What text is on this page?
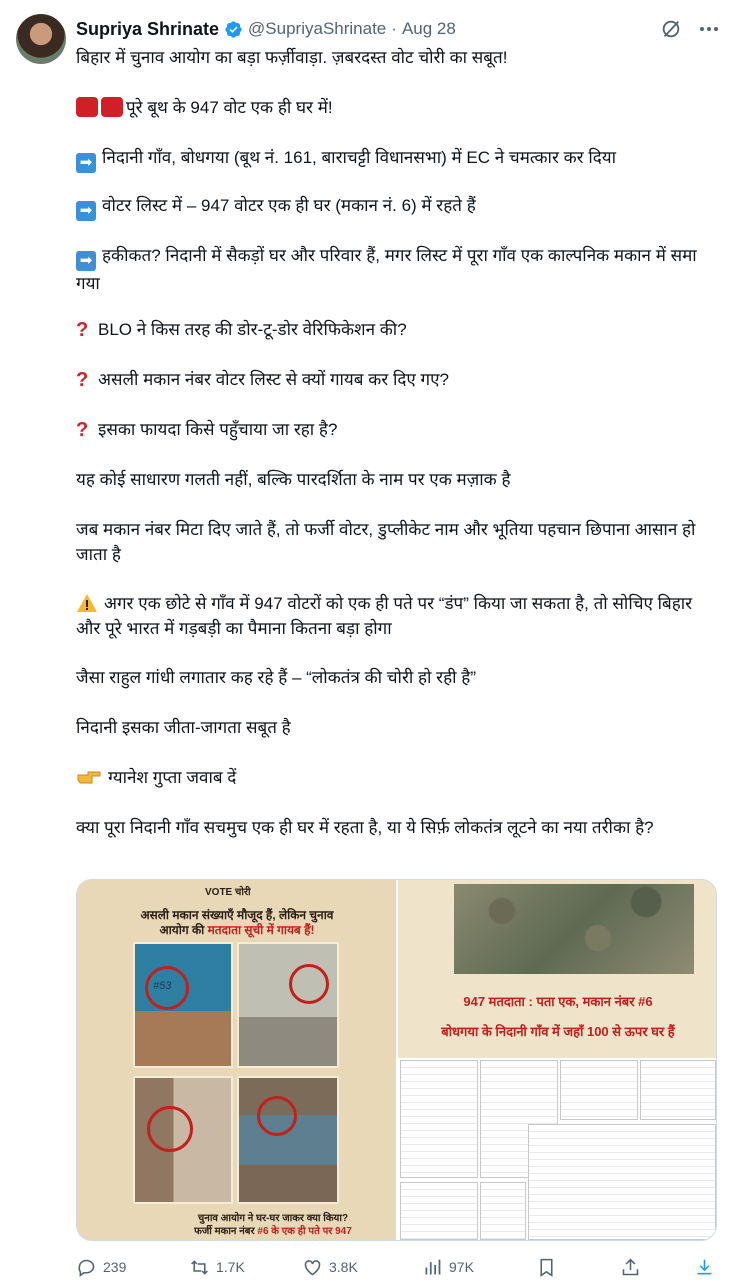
Supriya Shrinate @SupriyaShrinate · Aug 28
बिहार में चुनाव आयोग का बड़ा फर्ज़ीवाड़ा. ज़बरदस्त वोट चोरी का सबूत!
पूरे बूथ के 947 वोट एक ही घर में!
➡ निदानी गाँव, बोधगया (बूथ नं. 161, बाराचट्टी विधानसभा) में EC ने चमत्कार कर दिया
➡ वोटर लिस्ट में – 947 वोटर एक ही घर (मकान नं. 6) में रहते हैं
➡ हकीकत? निदानी में सैकड़ों घर और परिवार हैं, मगर लिस्ट में पूरा गाँव एक काल्पनिक मकान में समा गया
? BLO ने किस तरह की डोर-टू-डोर वेरिफिकेशन की?
? असली मकान नंबर वोटर लिस्ट से क्यों गायब कर दिए गए?
? इसका फायदा किसे पहुँचाया जा रहा है?
यह कोई साधारण गलती नहीं, बल्कि पारदर्शिता के नाम पर एक मज़ाक है
जब मकान नंबर मिटा दिए जाते हैं, तो फर्जी वोटर, डुप्लीकेट नाम और भूतिया पहचान छिपाना आसान हो जाता है
अगर एक छोटे से गाँव में 947 वोटरों को एक ही पते पर “डंप” किया जा सकता है, तो सोचिए बिहार और पूरे भारत में गड़बड़ी का पैमाना कितना बड़ा होगा
जैसा राहुल गांधी लगातार कह रहे हैं – “लोकतंत्र की चोरी हो रही है”
निदानी इसका जीता-जागता सबूत है
ग्यानेश गुप्ता जवाब दें
क्या पूरा निदानी गाँव सचमुच एक ही घर में रहता है, या ये सिर्फ़ लोकतंत्र लूटने का नया तरीका है?
VOTE चोरी
असली मकान संख्याएँ मौजूद हैं, लेकिन चुनाव
आयोग की मतदाता सूची में गायब हैं!
#53
चुनाव आयोग ने घर-घर जाकर क्या किया?
फर्जी मकान नंबर #6 के एक ही पते पर 947
947 मतदाता : पता एक, मकान नंबर #6
बोधगया के निदानी गाँव में जहाँ 100 से ऊपर घर हैं
239	1.7K	3.8K	97K
